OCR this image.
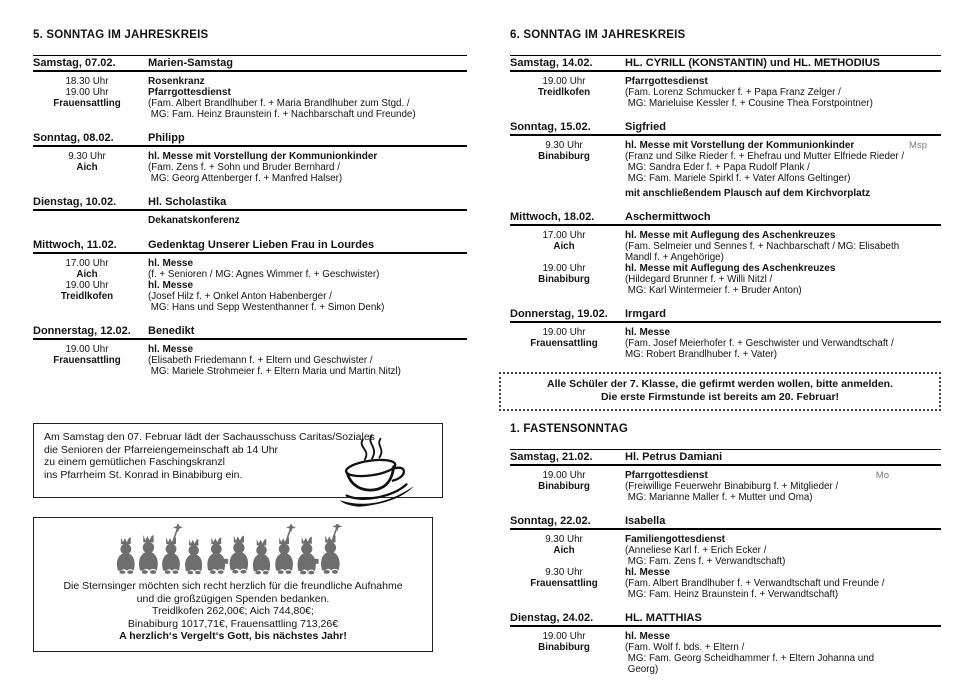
5. SONNTAG IM JAHRESKREIS
Samstag, 07.02.	Marien-Samstag
18.30 Uhr	Rosenkranz
19.00 Uhr	Pfarrgottesdienst
Frauensattling	(Fam. Albert Brandlhuber f. + Maria Brandlhuber zum Stgd. /
MG: Fam. Heinz Braunstein f. + Nachbarschaft und Freunde)
Sonntag, 08.02.	Philipp
9.30 Uhr	hl. Messe mit Vorstellung der Kommunionkinder
Aich	(Fam. Zens f. + Sohn und Bruder Bernhard /
MG: Georg Attenberger f. + Manfred Halser)
Dienstag, 10.02.	Hl. Scholastika
Dekanatskonferenz
Mittwoch, 11.02.	Gedenktag Unserer Lieben Frau in Lourdes
17.00 Uhr	hl. Messe
Aich	(f. + Senioren / MG: Agnes Wimmer f. + Geschwister)
19.00 Uhr	hl. Messe
Treidlkofen	(Josef Hilz f. + Onkel Anton Habenberger /
MG: Hans und Sepp Westenthanner f. + Simon Denk)
Donnerstag, 12.02.	Benedikt
19.00 Uhr	hl. Messe
Frauensattling	(Elisabeth Friedemann f. + Eltern und Geschwister /
MG: Mariele Strohmeier f. + Eltern Maria und Martin Nitzl)
Am Samstag den 07. Februar lädt der Sachausschuss Caritas/Soziales
die Senioren der Pfarreiengemeinschaft ab 14 Uhr
zu einem gemütlichen Faschingskranzl
ins Pfarrheim St. Konrad in Binabiburg ein.
Die Sternsinger möchten sich recht herzlich für die freundliche Aufnahme
und die großzügigen Spenden bedanken.
Treidlkofen 262,00€; Aich 744,80€;
Binabiburg 1017,71€, Frauensattling 713,26€
A herzlich‘s Vergelt‘s Gott, bis nächstes Jahr!
6. SONNTAG IM JAHRESKREIS
Samstag, 14.02.	HL. CYRILL (KONSTANTIN) und HL. METHODIUS
19.00 Uhr	Pfarrgottesdienst
Treidlkofen	(Fam. Lorenz Schmucker f. + Papa Franz Zelger /
MG: Marieluise Kessler f. + Cousine Thea Forstpointner)
Sonntag, 15.02.	Sigfried
9.30 Uhr	hl. Messe mit Vorstellung der Kommunionkinder	Msp
Binabiburg	(Franz und Silke Rieder f. + Ehefrau und Mutter Elfriede Rieder /
MG: Sandra Eder f. + Papa Rudolf Plank /
MG: Fam. Mariele Spirkl f. + Vater Alfons Geltinger)
mit anschließendem Plausch auf dem Kirchvorplatz
Mittwoch, 18.02.	Aschermittwoch
17.00 Uhr	hl. Messe mit Auflegung des Aschenkreuzes
Aich	(Fam. Selmeier und Sennes f. + Nachbarschaft / MG: Elisabeth
Mandl f. + Angehörige)
19.00 Uhr	hl. Messe mit Auflegung des Aschenkreuzes
Binabiburg	(Hildegard Brunner f. + Willi Nitzl /
MG: Karl Wintermeier f. + Bruder Anton)
Donnerstag, 19.02.	Irmgard
19.00 Uhr	hl. Messe
Frauensattling	(Fam. Josef Meierhofer f. + Geschwister und Verwandtschaft /
MG: Robert Brandlhuber f. + Vater)
Alle Schüler der 7. Klasse, die gefirmt werden wollen, bitte anmelden.
Die erste Firmstunde ist bereits am 20. Februar!
1. FASTENSONNTAG
Samstag, 21.02.	Hl. Petrus Damiani
19.00 Uhr	Pfarrgottesdienst	Mo
Binabiburg	(Freiwillige Feuerwehr Binabiburg f. + Mitglieder /
MG: Marianne Maller f. + Mutter und Oma)
Sonntag, 22.02.	Isabella
9.30 Uhr	Familiengottesdienst
Aich	(Anneliese Karl f. + Erich Ecker /
MG: Fam. Zens f. + Verwandtschaft)
9.30 Uhr	hl. Messe
Frauensattling	(Fam. Albert Brandlhuber f. + Verwandtschaft und Freunde /
MG: Fam. Heinz Braunstein f. + Verwandtschaft)
Dienstag, 24.02.	HL. MATTHIAS
19.00 Uhr	hl. Messe
Binabiburg	(Fam. Wolf f. bds. + Eltern /
MG: Fam. Georg Scheidhammer f. + Eltern Johanna und
Georg)
